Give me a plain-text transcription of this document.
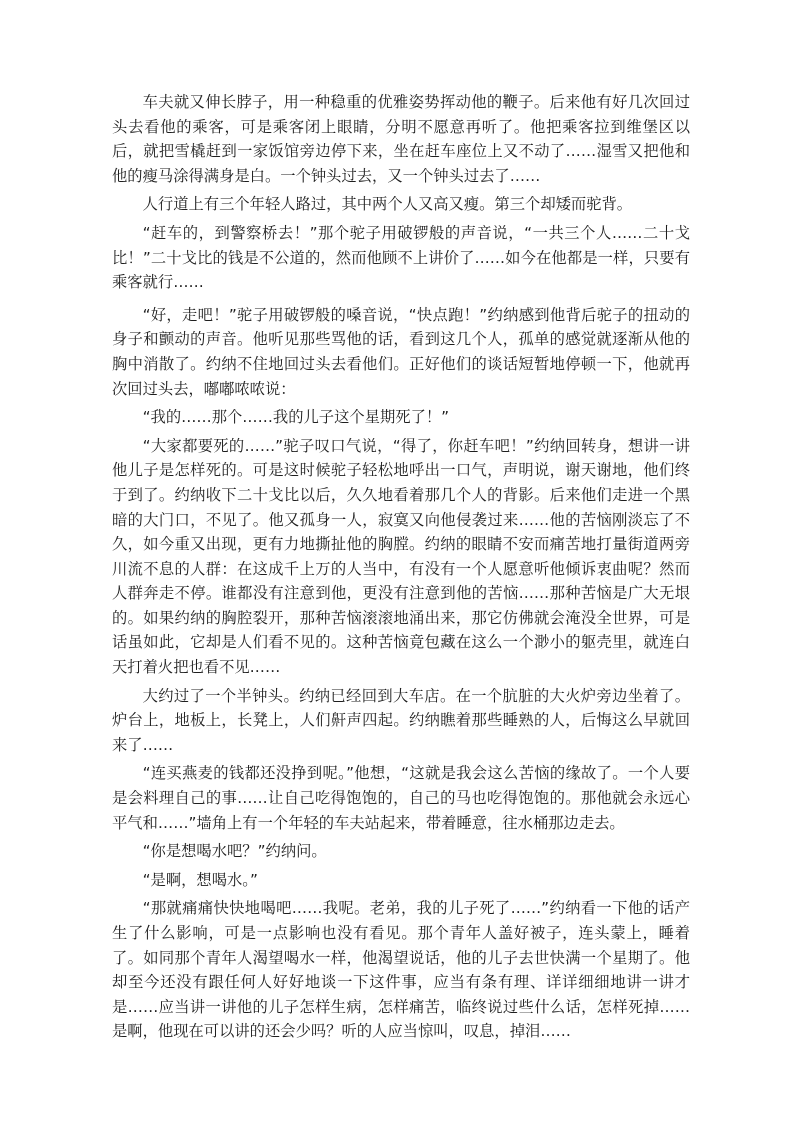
车夫就又伸长脖子，用一种稳重的优雅姿势挥动他的鞭子。后来他有好几次回过头去看他的乘客，可是乘客闭上眼睛，分明不愿意再听了。他把乘客拉到维堡区以后，就把雪橇赶到一家饭馆旁边停下来，坐在赶车座位上又不动了……湿雪又把他和他的瘦马涂得满身是白。一个钟头过去，又一个钟头过去了……

人行道上有三个年轻人路过，其中两个人又高又瘦。第三个却矮而驼背。

“赶车的，到警察桥去！”那个驼子用破锣般的声音说，“一共三个人……二十戈比！”二十戈比的钱是不公道的，然而他顾不上讲价了……如今在他都是一样，只要有乘客就行……

“好，走吧！”驼子用破锣般的嗓音说，“快点跑！”约纳感到他背后驼子的扭动的身子和颤动的声音。他听见那些骂他的话，看到这几个人，孤单的感觉就逐渐从他的胸中消散了。约纳不住地回过头去看他们。正好他们的谈话短暂地停顿一下，他就再次回过头去，嘟嘟哝哝说：

“我的……那个……我的儿子这个星期死了！”

“大家都要死的……”驼子叹口气说，“得了，你赶车吧！”约纳回转身，想讲一讲他儿子是怎样死的。可是这时候驼子轻松地呼出一口气，声明说，谢天谢地，他们终于到了。约纳收下二十戈比以后，久久地看着那几个人的背影。后来他们走进一个黑暗的大门口，不见了。他又孤身一人，寂寞又向他侵袭过来……他的苦恼刚淡忘了不久，如今重又出现，更有力地撕扯他的胸膛。约纳的眼睛不安而痛苦地打量街道两旁川流不息的人群：在这成千上万的人当中，有没有一个人愿意听他倾诉衷曲呢？然而人群奔走不停。谁都没有注意到他，更没有注意到他的苦恼……那种苦恼是广大无垠的。如果约纳的胸腔裂开，那种苦恼滚滚地涌出来，那它仿佛就会淹没全世界，可是话虽如此，它却是人们看不见的。这种苦恼竟包藏在这么一个渺小的躯壳里，就连白天打着火把也看不见……

大约过了一个半钟头。约纳已经回到大车店。在一个肮脏的大火炉旁边坐着了。炉台上，地板上，长凳上，人们鼾声四起。约纳瞧着那些睡熟的人，后悔这么早就回来了……

“连买燕麦的钱都还没挣到呢。”他想，“这就是我会这么苦恼的缘故了。一个人要是会料理自己的事……让自己吃得饱饱的，自己的马也吃得饱饱的。那他就会永远心平气和……”墙角上有一个年轻的车夫站起来，带着睡意，往水桶那边走去。

“你是想喝水吧？”约纳问。

“是啊，想喝水。”

“那就痛痛快快地喝吧……我呢。老弟，我的儿子死了……”约纳看一下他的话产生了什么影响，可是一点影响也没有看见。那个青年人盖好被子，连头蒙上，睡着了。如同那个青年人渴望喝水一样，他渴望说话，他的儿子去世快满一个星期了。他却至今还没有跟任何人好好地谈一下这件事，应当有条有理、详详细细地讲一讲才是……应当讲一讲他的儿子怎样生病，怎样痛苦，临终说过些什么话，怎样死掉……是啊，他现在可以讲的还会少吗？听的人应当惊叫，叹息，掉泪……
